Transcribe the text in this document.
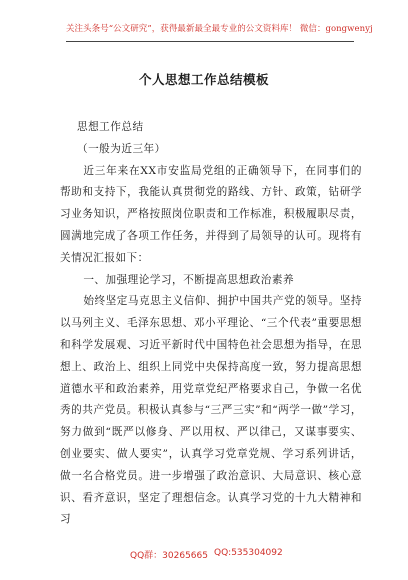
关注头条号“公文研究”，获得最新最全最专业的公文资料库！ 微信：gongwenyj
个人思想工作总结模板

思想工作总结

（一般为近三年）

近三年来在XX市安监局党组的正确领导下，在同事们的帮助和支持下，我能认真贯彻党的路线、方针、政策，钻研学习业务知识，严格按照岗位职责和工作标准，积极履职尽责，圆满地完成了各项工作任务，并得到了局领导的认可。现将有关情况汇报如下：

一、加强理论学习，不断提高思想政治素养

始终坚定马克思主义信仰、拥护中国共产党的领导。坚持以马列主义、毛泽东思想、邓小平理论、“三个代表”重要思想和科学发展观、习近平新时代中国特色社会思想为指导，在思想上、政治上、组织上同党中央保持高度一致，努力提高思想道德水平和政治素养，用党章党纪严格要求自己，争做一名优秀的共产党员。积极认真参与“三严三实”和“两学一做”学习，努力做到“既严以修身、严以用权、严以律己，又谋事要实、创业要实、做人要实”，认真学习党章党规、学习系列讲话，做一名合格党员。进一步增强了政治意识、大局意识、核心意识、看齐意识，坚定了理想信念。认真学习党的十九大精神和习

QQ群：30265665 QQ:535304092
